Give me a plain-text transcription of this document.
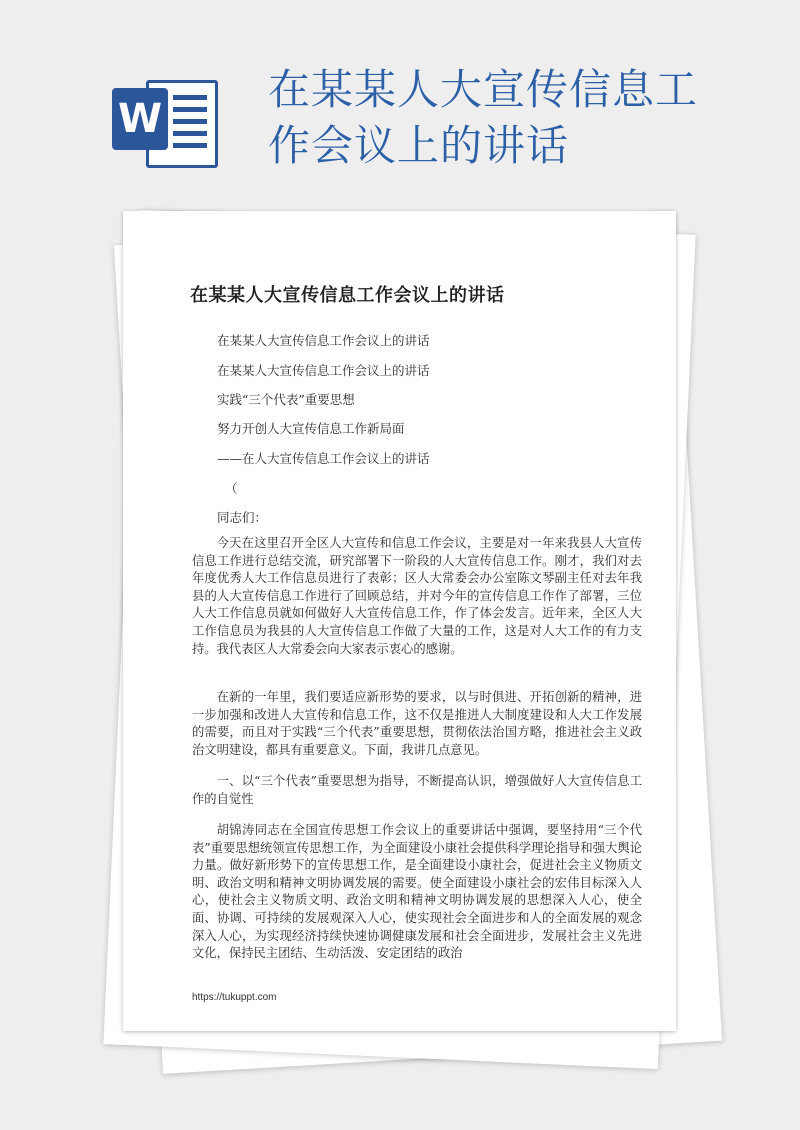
W
在某某人大宣传信息工作会议上的讲话
在某某人大宣传信息工作会议上的讲话

在某某人大宣传信息工作会议上的讲话

在某某人大宣传信息工作会议上的讲话

实践“三个代表”重要思想

努力开创人大宣传信息工作新局面

——在人大宣传信息工作会议上的讲话

（

同志们：

今天在这里召开全区人大宣传和信息工作会议，主要是对一年来我县人大宣传信息工作进行总结交流，研究部署下一阶段的人大宣传信息工作。刚才，我们对去年度优秀人大工作信息员进行了表彰；区人大常委会办公室陈文琴副主任对去年我县的人大宣传信息工作进行了回顾总结，并对今年的宣传信息工作作了部署，三位人大工作信息员就如何做好人大宣传信息工作，作了体会发言。近年来，全区人大工作信息员为我县的人大宣传信息工作做了大量的工作，这是对人大工作的有力支持。我代表区人大常委会向大家表示衷心的感谢。

在新的一年里，我们要适应新形势的要求，以与时俱进、开拓创新的精神，进一步加强和改进人大宣传和信息工作，这不仅是推进人大制度建设和人大工作发展的需要，而且对于实践“三个代表”重要思想，贯彻依法治国方略，推进社会主义政治文明建设，都具有重要意义。下面，我讲几点意见。

一、以“三个代表”重要思想为指导，不断提高认识，增强做好人大宣传信息工作的自觉性

胡锦涛同志在全国宣传思想工作会议上的重要讲话中强调，要坚持用“三个代表”重要思想统领宣传思想工作，为全面建设小康社会提供科学理论指导和强大舆论力量。做好新形势下的宣传思想工作，是全面建设小康社会，促进社会主义物质文明、政治文明和精神文明协调发展的需要。使全面建设小康社会的宏伟目标深入人心，使社会主义物质文明、政治文明和精神文明协调发展的思想深入人心，使全面、协调、可持续的发展观深入人心，使实现社会全面进步和人的全面发展的观念深入人心，为实现经济持续快速协调健康发展和社会全面进步，发展社会主义先进文化，保持民主团结、生动活泼、安定团结的政治

https://tukuppt.com
